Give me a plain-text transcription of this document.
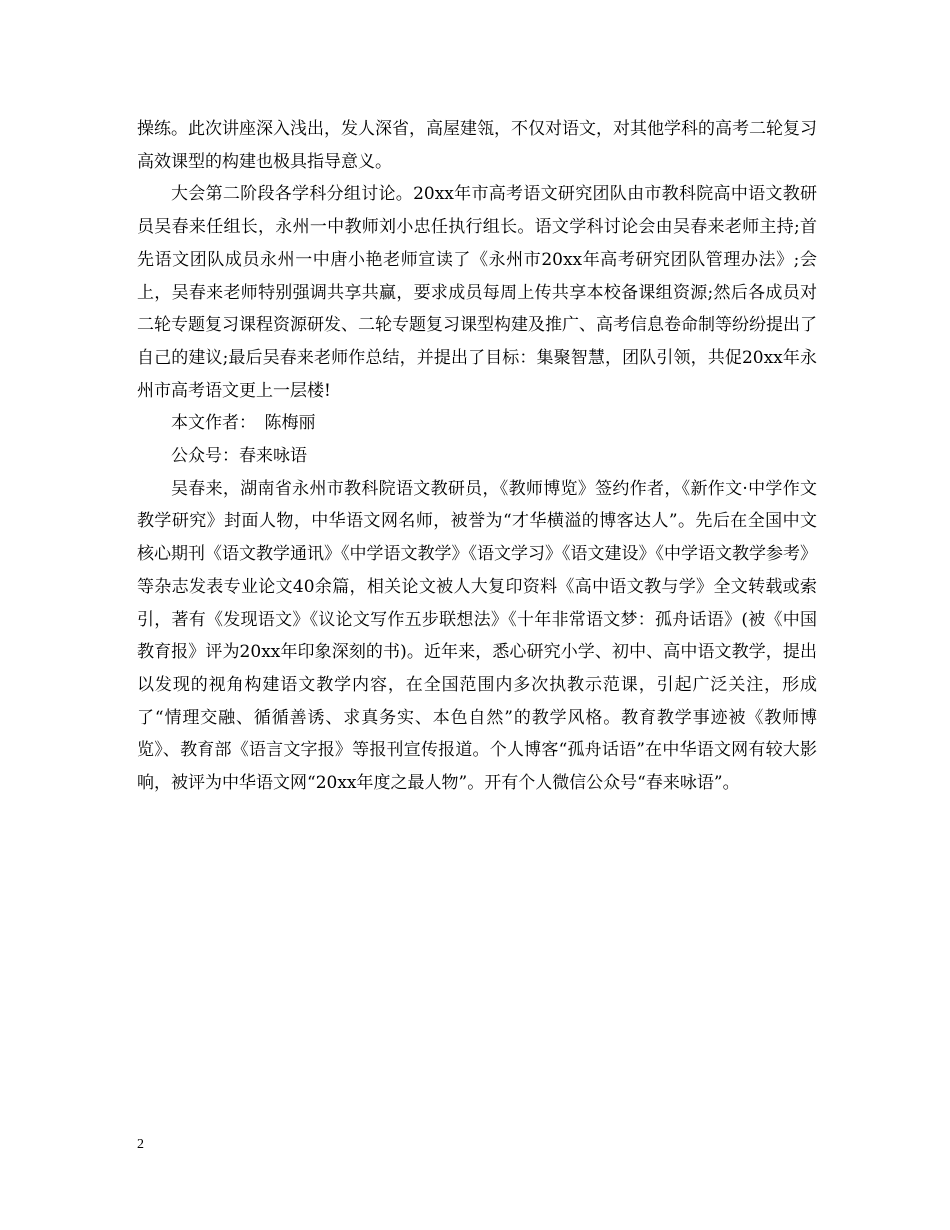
操练。此次讲座深入浅出，发人深省，高屋建瓴，不仅对语文，对其他学科的高考二轮复习高效课型的构建也极具指导意义。

大会第二阶段各学科分组讨论。20xx年市高考语文研究团队由市教科院高中语文教研员吴春来任组长，永州一中教师刘小忠任执行组长。语文学科讨论会由吴春来老师主持;首先语文团队成员永州一中唐小艳老师宣读了《永州市20xx年高考研究团队管理办法》;会上，吴春来老师特别强调共享共赢，要求成员每周上传共享本校备课组资源;然后各成员对二轮专题复习课程资源研发、二轮专题复习课型构建及推广、高考信息卷命制等纷纷提出了自己的建议;最后吴春来老师作总结，并提出了目标：集聚智慧，团队引领，共促20xx年永州市高考语文更上一层楼!

本文作者：　陈梅丽

公众号：春来咏语

吴春来，湖南省永州市教科院语文教研员，《教师博览》签约作者，《新作文·中学作文教学研究》封面人物，中华语文网名师，被誉为“才华横溢的博客达人”。先后在全国中文核心期刊《语文教学通讯》《中学语文教学》《语文学习》《语文建设》《中学语文教学参考》等杂志发表专业论文40余篇，相关论文被人大复印资料《高中语文教与学》全文转载或索引，著有《发现语文》《议论文写作五步联想法》《十年非常语文梦：孤舟话语》(被《中国教育报》评为20xx年印象深刻的书)。近年来，悉心研究小学、初中、高中语文教学，提出以发现的视角构建语文教学内容，在全国范围内多次执教示范课，引起广泛关注，形成了“情理交融、循循善诱、求真务实、本色自然”的教学风格。教育教学事迹被《教师博览》、教育部《语言文字报》等报刊宣传报道。个人博客“孤舟话语”在中华语文网有较大影响，被评为中华语文网“20xx年度之最人物”。开有个人微信公众号“春来咏语”。

2
